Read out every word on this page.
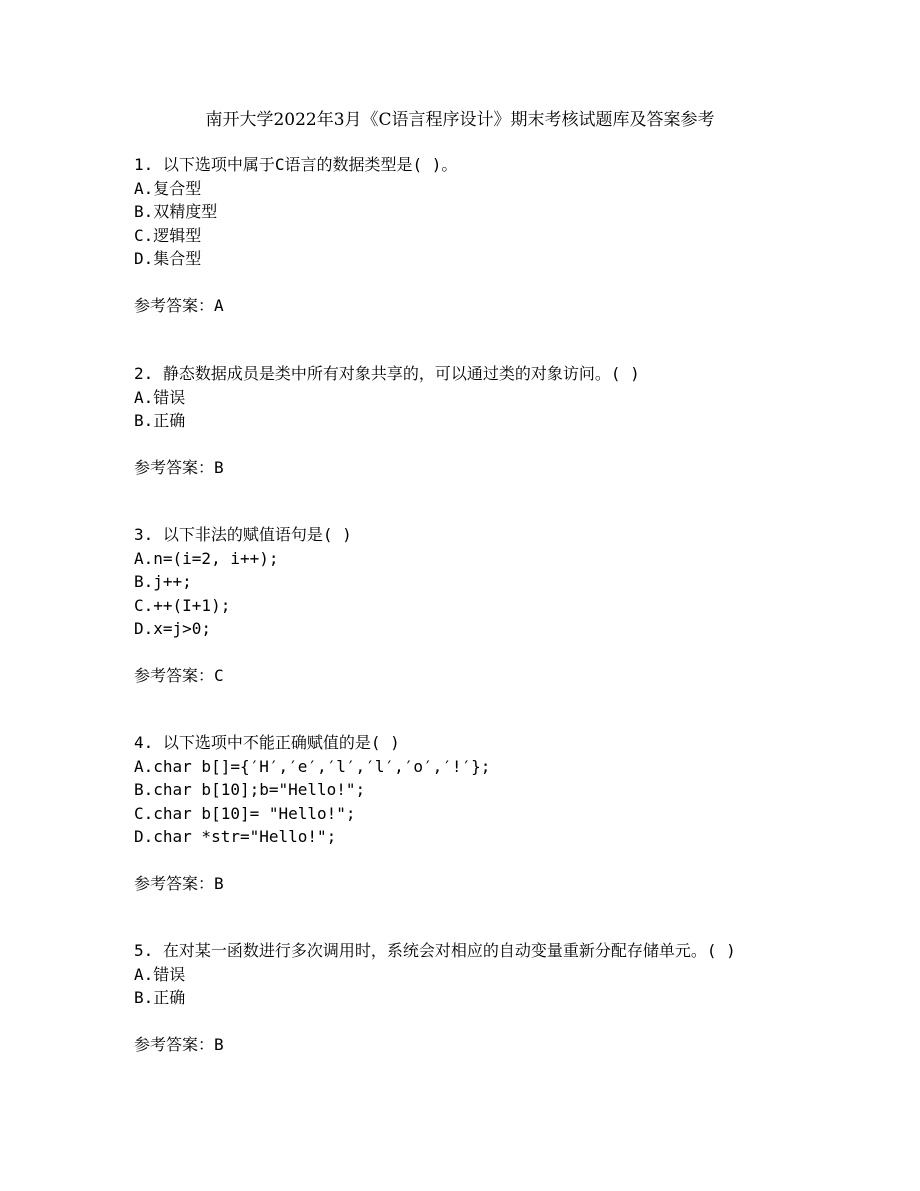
南开大学2022年3月《C语言程序设计》期末考核试题库及答案参考
1. 以下选项中属于C语言的数据类型是( )。
A.复合型
B.双精度型
C.逻辑型
D.集合型
参考答案：A
2. 静态数据成员是类中所有对象共享的，可以通过类的对象访问。( )
A.错误
B.正确
参考答案：B
3. 以下非法的赋值语句是( )
A.n=(i=2, i++);
B.j++;
C.++(I+1);
D.x=j>0;
参考答案：C
4. 以下选项中不能正确赋值的是( )
A.char b[]={′H′,′e′,′l′,′l′,′o′,′!′};
B.char b[10];b="Hello!";
C.char b[10]= "Hello!";
D.char *str="Hello!";
参考答案：B
5. 在对某一函数进行多次调用时，系统会对相应的自动变量重新分配存储单元。( )
A.错误
B.正确
参考答案：B
